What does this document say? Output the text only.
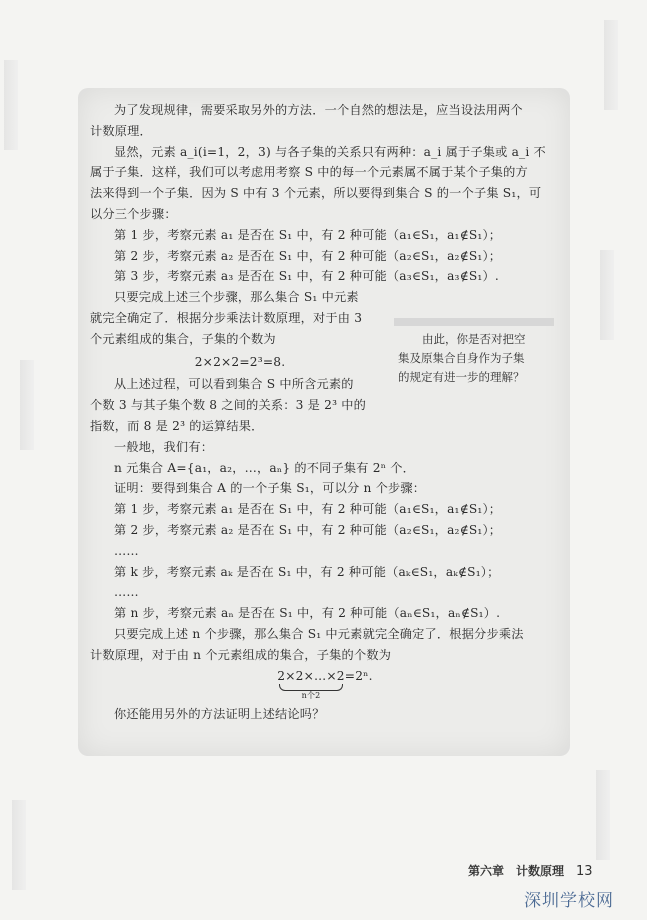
为了发现规律，需要采取另外的方法．一个自然的想法是，应当设法用两个

计数原理．

显然，元素 a_i(i=1，2，3) 与各子集的关系只有两种：a_i 属于子集或 a_i 不

属于子集．这样，我们可以考虑用考察 S 中的每一个元素属不属于某个子集的方

法来得到一个子集．因为 S 中有 3 个元素，所以要得到集合 S 的一个子集 S₁，可

以分三个步骤：

第 1 步，考察元素 a₁ 是否在 S₁ 中，有 2 种可能（a₁∈S₁，a₁∉S₁）；

第 2 步，考察元素 a₂ 是否在 S₁ 中，有 2 种可能（a₂∈S₁，a₂∉S₁）；

第 3 步，考察元素 a₃ 是否在 S₁ 中，有 2 种可能（a₃∈S₁，a₃∉S₁）.

只要完成上述三个步骤，那么集合 S₁ 中元素

就完全确定了．根据分步乘法计数原理，对于由 3

个元素组成的集合，子集的个数为

2×2×2=2³=8.

从上述过程，可以看到集合 S 中所含元素的

个数 3 与其子集个数 8 之间的关系：3 是 2³ 中的

指数，而 8 是 2³ 的运算结果．

一般地，我们有：

n 元集合 A={a₁，a₂，…，aₙ} 的不同子集有 2ⁿ 个．

证明：要得到集合 A 的一个子集 S₁，可以分 n 个步骤：

第 1 步，考察元素 a₁ 是否在 S₁ 中，有 2 种可能（a₁∈S₁，a₁∉S₁）；

第 2 步，考察元素 a₂ 是否在 S₁ 中，有 2 种可能（a₂∈S₁，a₂∉S₁）；

……

第 k 步，考察元素 aₖ 是否在 S₁ 中，有 2 种可能（aₖ∈S₁，aₖ∉S₁）；

……

第 n 步，考察元素 aₙ 是否在 S₁ 中，有 2 种可能（aₙ∈S₁，aₙ∉S₁）.

只要完成上述 n 个步骤，那么集合 S₁ 中元素就完全确定了．根据分步乘法

计数原理，对于由 n 个元素组成的集合，子集的个数为

2×2×…×2
n个2
=2ⁿ.

你还能用另外的方法证明上述结论吗？

由此，你是否对把空
集及原集合自身作为子集
的规定有进一步的理解？
第六章　计数原理 13
深圳学校网
